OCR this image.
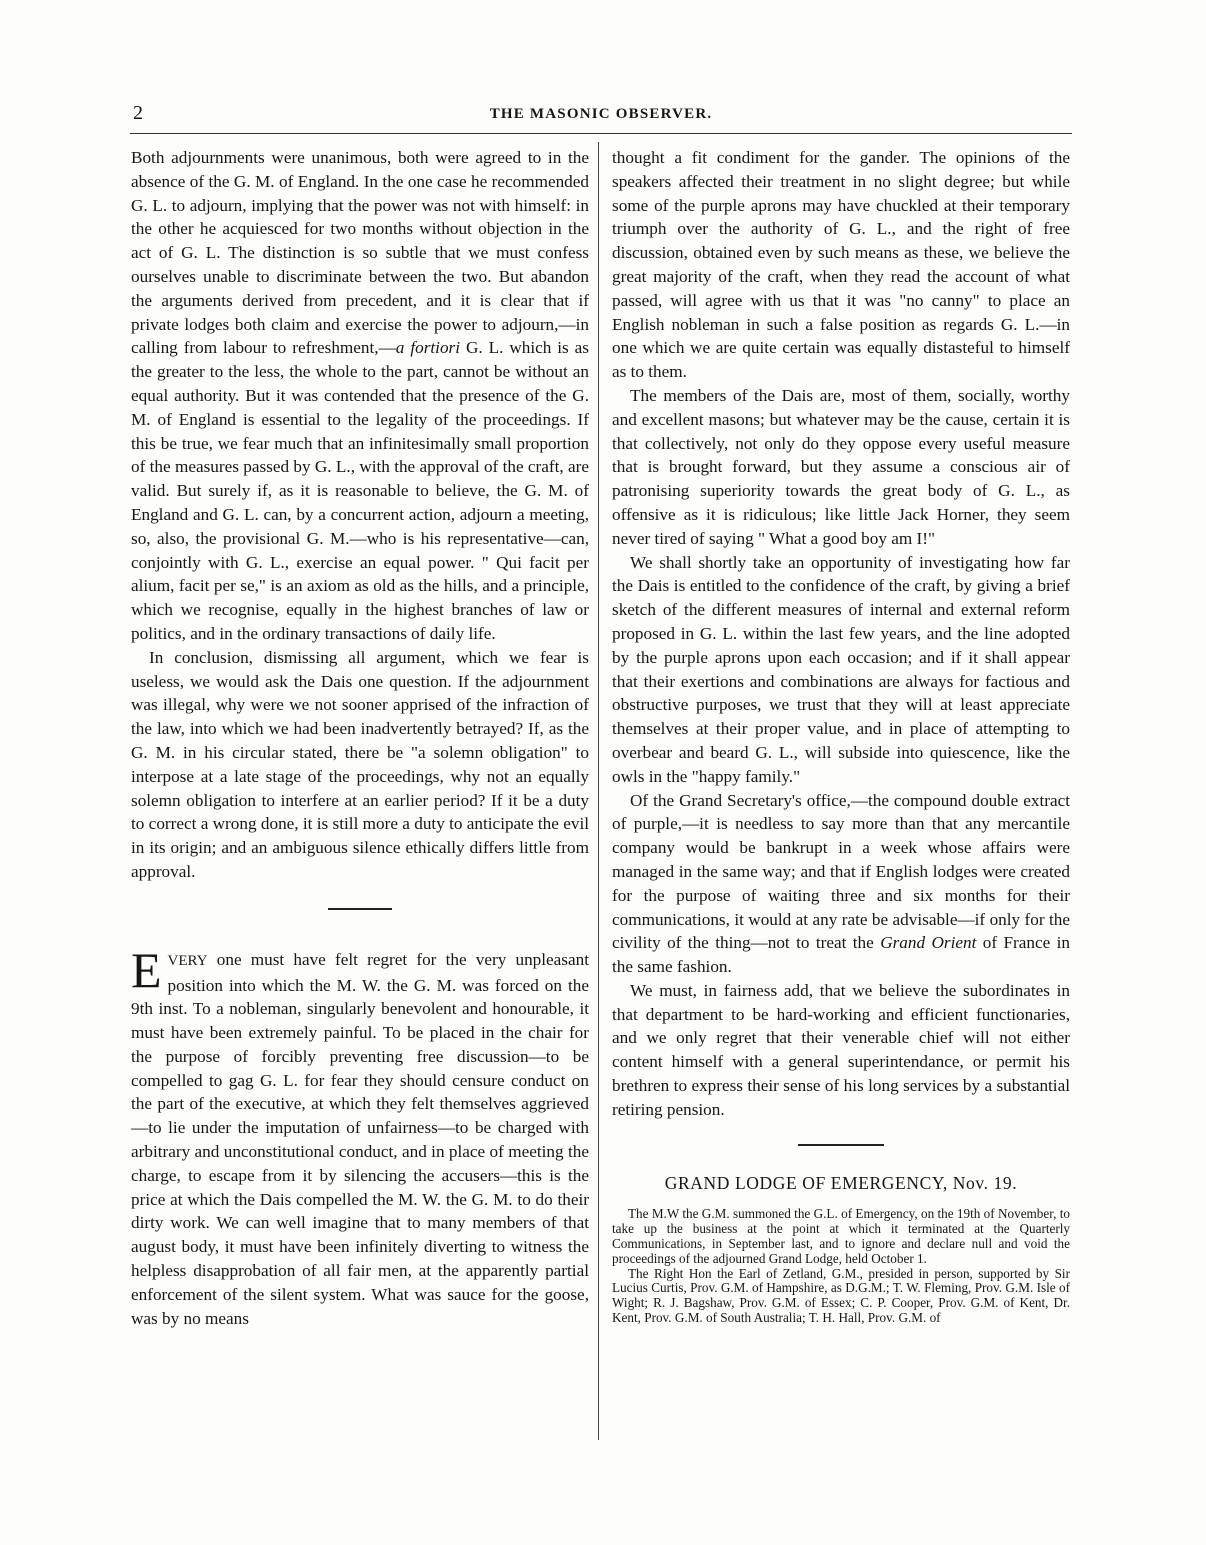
2	THE MASONIC OBSERVER.

Both adjournments were unanimous, both were agreed to in the absence of the G. M. of England. In the one case he recommended G. L. to adjourn, implying that the power was not with himself: in the other he acquiesced for two months without objection in the act of G. L. The distinction is so subtle that we must confess ourselves unable to discriminate between the two. But abandon the arguments derived from precedent, and it is clear that if private lodges both claim and exercise the power to adjourn,—in calling from labour to refreshment,—a fortiori G. L. which is as the greater to the less, the whole to the part, cannot be without an equal authority. But it was contended that the presence of the G. M. of England is essential to the legality of the proceedings. If this be true, we fear much that an infinitesimally small proportion of the measures passed by G. L., with the approval of the craft, are valid. But surely if, as it is reasonable to believe, the G. M. of England and G. L. can, by a concurrent action, adjourn a meeting, so, also, the provisional G. M.—who is his representative—can, conjointly with G. L., exercise an equal power. " Qui facit per alium, facit per se," is an axiom as old as the hills, and a principle, which we recognise, equally in the highest branches of law or politics, and in the ordinary transactions of daily life.

In conclusion, dismissing all argument, which we fear is useless, we would ask the Dais one question. If the adjournment was illegal, why were we not sooner apprised of the infraction of the law, into which we had been inadvertently betrayed? If, as the G. M. in his circular stated, there be "a solemn obligation" to interpose at a late stage of the proceedings, why not an equally solemn obligation to interfere at an earlier period? If it be a duty to correct a wrong done, it is still more a duty to anticipate the evil in its origin; and an ambiguous silence ethically differs little from approval.

EVERY one must have felt regret for the very unpleasant position into which the M. W. the G. M. was forced on the 9th inst. To a nobleman, singularly benevolent and honourable, it must have been extremely painful. To be placed in the chair for the purpose of forcibly preventing free discussion—to be compelled to gag G. L. for fear they should censure conduct on the part of the executive, at which they felt themselves aggrieved—to lie under the imputation of unfairness—to be charged with arbitrary and unconstitutional conduct, and in place of meeting the charge, to escape from it by silencing the accusers—this is the price at which the Dais compelled the M. W. the G. M. to do their dirty work. We can well imagine that to many members of that august body, it must have been infinitely diverting to witness the helpless disapprobation of all fair men, at the apparently partial enforcement of the silent system. What was sauce for the goose, was by no means

thought a fit condiment for the gander. The opinions of the speakers affected their treatment in no slight degree; but while some of the purple aprons may have chuckled at their temporary triumph over the authority of G. L., and the right of free discussion, obtained even by such means as these, we believe the great majority of the craft, when they read the account of what passed, will agree with us that it was "no canny" to place an English nobleman in such a false position as regards G. L.—in one which we are quite certain was equally distasteful to himself as to them.

The members of the Dais are, most of them, socially, worthy and excellent masons; but whatever may be the cause, certain it is that collectively, not only do they oppose every useful measure that is brought forward, but they assume a conscious air of patronising superiority towards the great body of G. L., as offensive as it is ridiculous; like little Jack Horner, they seem never tired of saying " What a good boy am I!"

We shall shortly take an opportunity of investigating how far the Dais is entitled to the confidence of the craft, by giving a brief sketch of the different measures of internal and external reform proposed in G. L. within the last few years, and the line adopted by the purple aprons upon each occasion; and if it shall appear that their exertions and combinations are always for factious and obstructive purposes, we trust that they will at least appreciate themselves at their proper value, and in place of attempting to overbear and beard G. L., will subside into quiescence, like the owls in the "happy family."

Of the Grand Secretary's office,—the compound double extract of purple,—it is needless to say more than that any mercantile company would be bankrupt in a week whose affairs were managed in the same way; and that if English lodges were created for the purpose of waiting three and six months for their communications, it would at any rate be advisable—if only for the civility of the thing—not to treat the Grand Orient of France in the same fashion.

We must, in fairness add, that we believe the subordinates in that department to be hard-working and efficient functionaries, and we only regret that their venerable chief will not either content himself with a general superintendance, or permit his brethren to express their sense of his long services by a substantial retiring pension.

GRAND LODGE OF EMERGENCY, Nov. 19.

The M.W the G.M. summoned the G.L. of Emergency, on the 19th of November, to take up the business at the point at which it terminated at the Quarterly Communications, in September last, and to ignore and declare null and void the proceedings of the adjourned Grand Lodge, held October 1.

The Right Hon the Earl of Zetland, G.M., presided in person, supported by Sir Lucius Curtis, Prov. G.M. of Hampshire, as D.G.M.; T. W. Fleming, Prov. G.M. Isle of Wight; R. J. Bagshaw, Prov. G.M. of Essex; C. P. Cooper, Prov. G.M. of Kent, Dr. Kent, Prov. G.M. of South Australia; T. H. Hall, Prov. G.M. of
